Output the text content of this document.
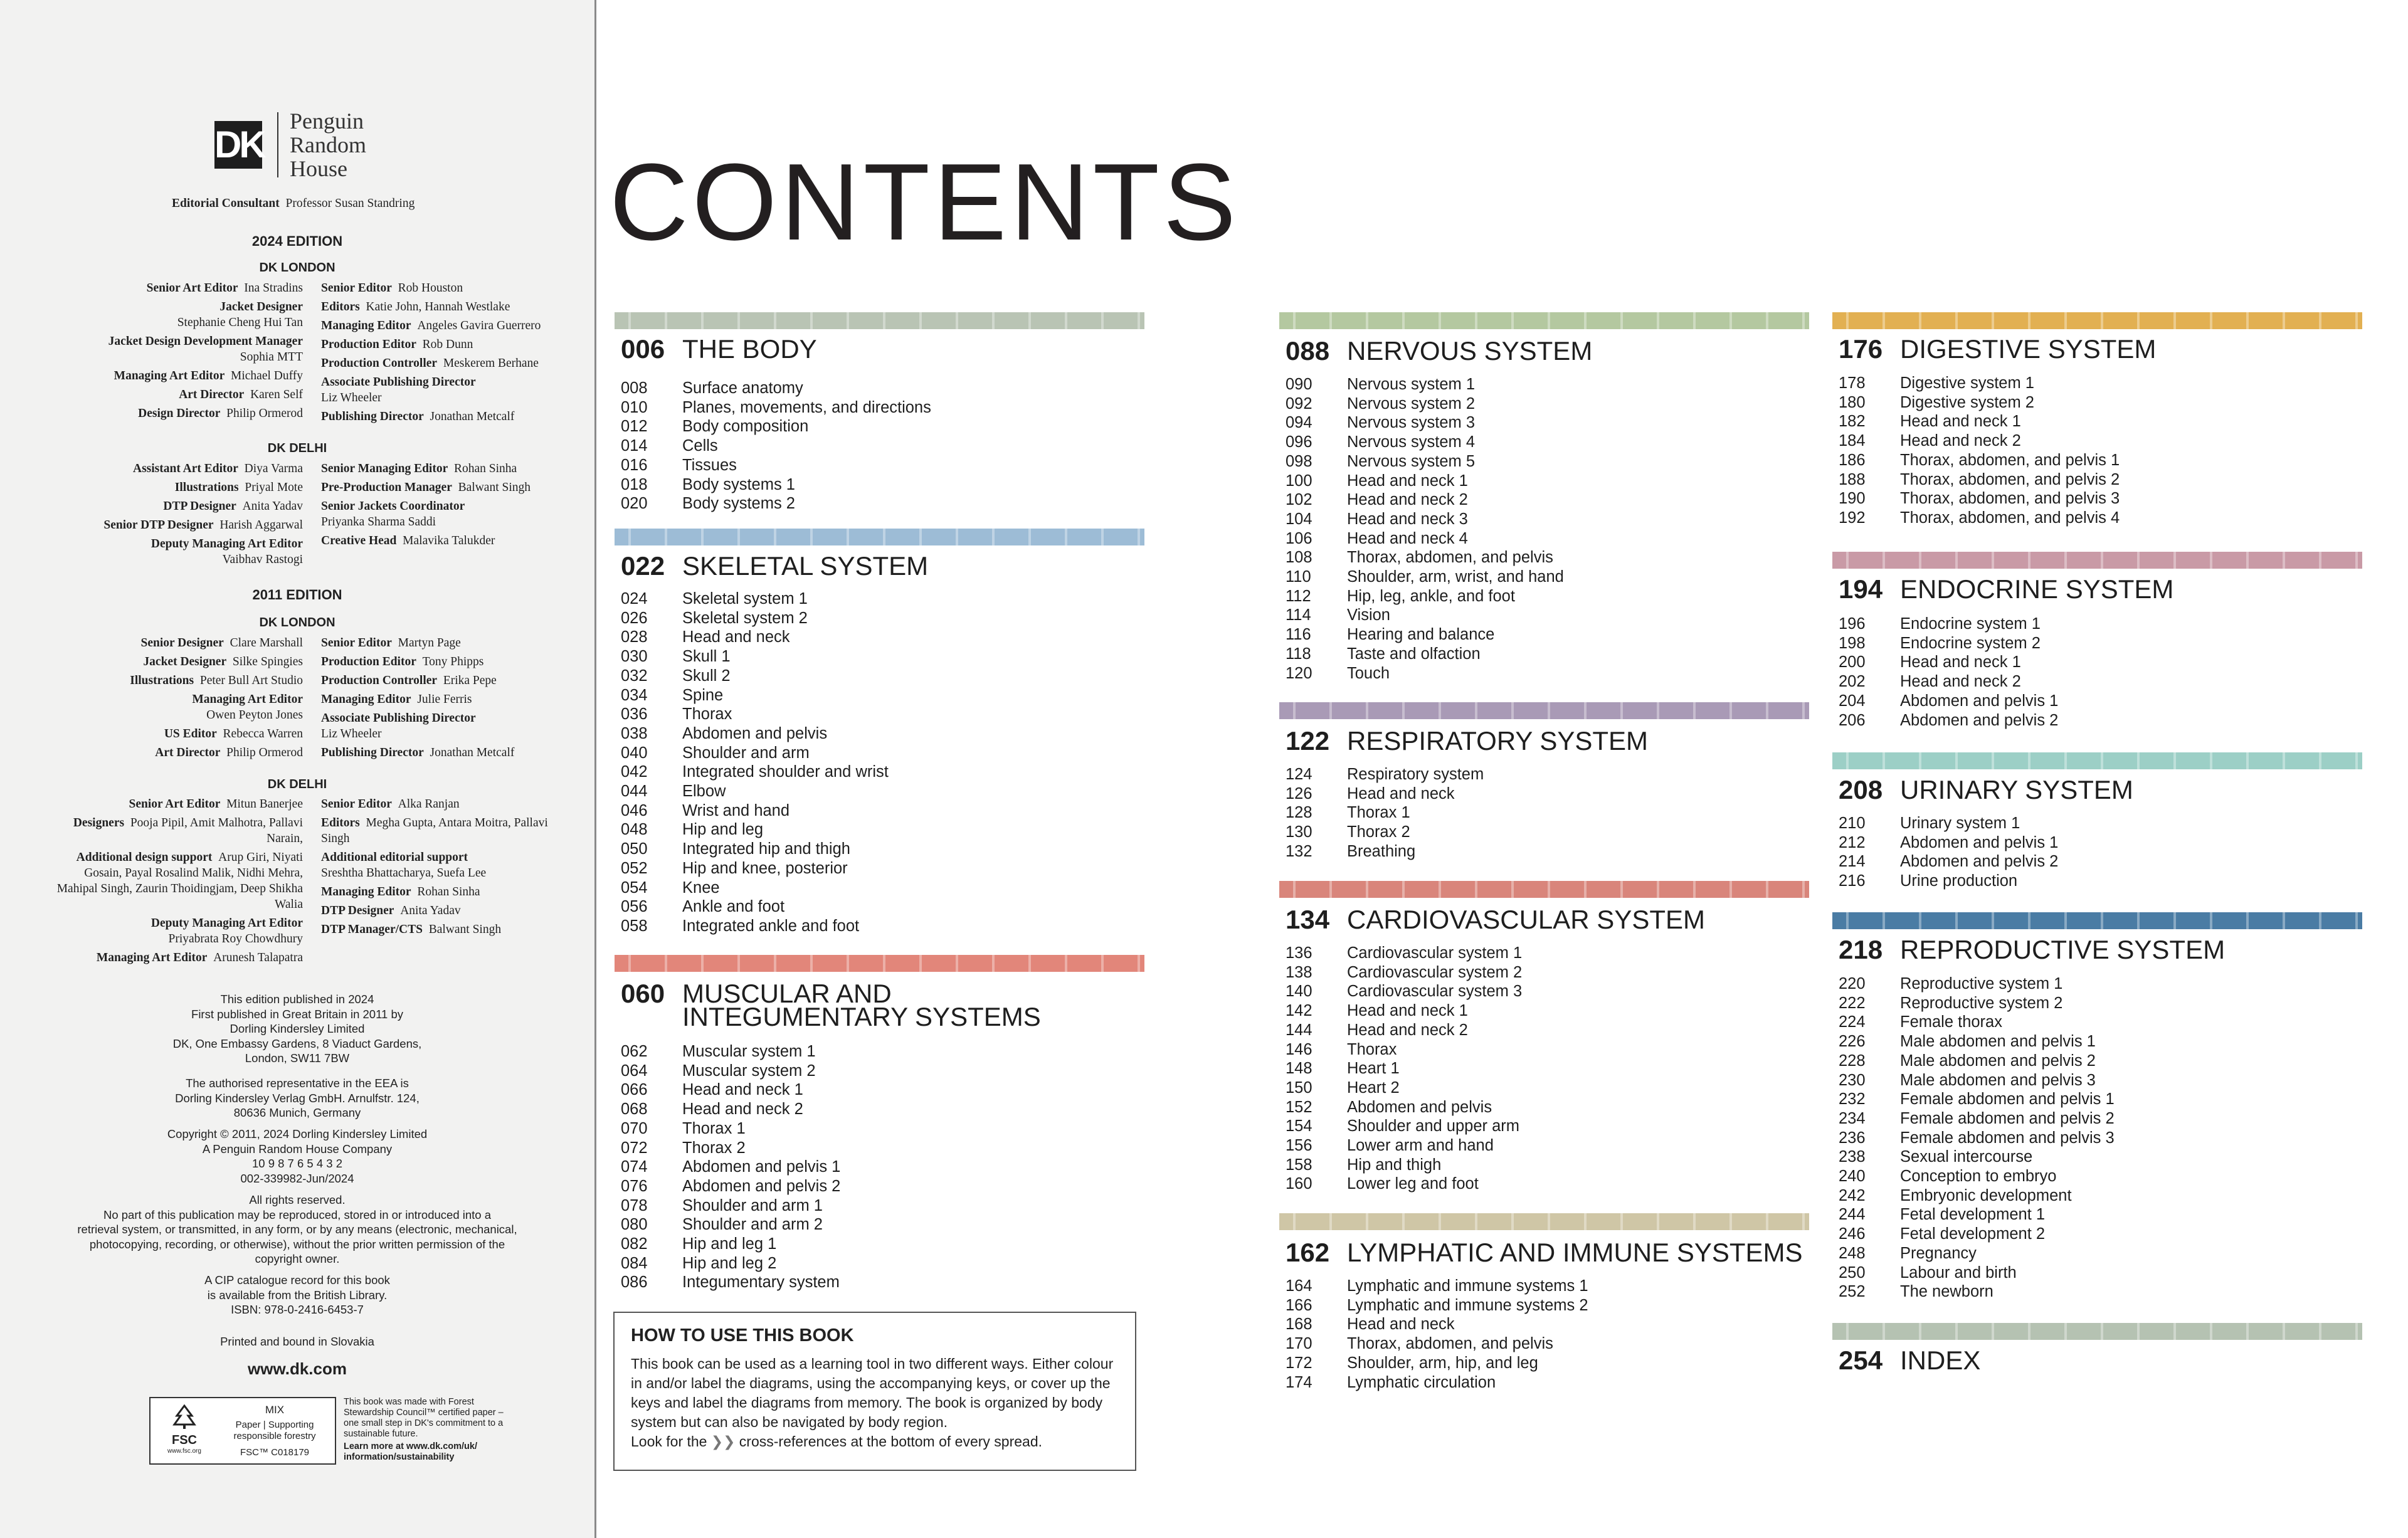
DK
Penguin
Random
House
Editorial Consultant Professor Susan Standring
2024 EDITION
DK LONDON
Senior Art Editor  Ina Stradins
Jacket Designer
Stephanie Cheng Hui Tan
Jacket Design Development Manager
Sophia MTT
Managing Art Editor  Michael Duffy
Art Director  Karen Self
Design Director  Philip Ormerod
Senior Editor  Rob Houston
Editors  Katie John, Hannah Westlake
Managing Editor  Angeles Gavira Guerrero
Production Editor  Rob Dunn
Production Controller  Meskerem Berhane
Associate Publishing Director
Liz Wheeler
Publishing Director  Jonathan Metcalf
DK DELHI
Assistant Art Editor  Diya Varma
Illustrations  Priyal Mote
DTP Designer  Anita Yadav
Senior DTP Designer  Harish Aggarwal
Deputy Managing Art Editor
Vaibhav Rastogi
Senior Managing Editor  Rohan Sinha
Pre-Production Manager  Balwant Singh
Senior Jackets Coordinator
Priyanka Sharma Saddi
Creative Head  Malavika Talukder
2011 EDITION
DK LONDON
Senior Designer  Clare Marshall
Jacket Designer  Silke Spingies
Illustrations  Peter Bull Art Studio
Managing Art Editor
Owen Peyton Jones
US Editor  Rebecca Warren
Art Director  Philip Ormerod
Senior Editor  Martyn Page
Production Editor  Tony Phipps
Production Controller  Erika Pepe
Managing Editor  Julie Ferris
Associate Publishing Director
Liz Wheeler
Publishing Director  Jonathan Metcalf
DK DELHI
Senior Art Editor  Mitun Banerjee
Designers  Pooja Pipil, Amit Malhotra, Pallavi Narain,
Additional design support  Arup Giri, Niyati Gosain, Payal Rosalind Malik, Nidhi Mehra, Mahipal Singh, Zaurin Thoidingjam, Deep Shikha Walia
Deputy Managing Art Editor
Priyabrata Roy Chowdhury
Managing Art Editor  Arunesh Talapatra
Senior Editor  Alka Ranjan
Editors  Megha Gupta, Antara Moitra, Pallavi Singh
Additional editorial support
Sreshtha Bhattacharya, Suefa Lee
Managing Editor  Rohan Sinha
DTP Designer  Anita Yadav
DTP Manager/CTS  Balwant Singh
This edition published in 2024
First published in Great Britain in 2011 by
Dorling Kindersley Limited
DK, One Embassy Gardens, 8 Viaduct Gardens,
London, SW11 7BW
The authorised representative in the EEA is
Dorling Kindersley Verlag GmbH. Arnulfstr. 124,
80636 Munich, Germany
Copyright © 2011, 2024 Dorling Kindersley Limited
A Penguin Random House Company
10 9 8 7 6 5 4 3 2
002-339982-Jun/2024
All rights reserved.
No part of this publication may be reproduced, stored in or introduced into a
retrieval system, or transmitted, in any form, or by any means (electronic, mechanical,
photocopying, recording, or otherwise), without the prior written permission of the
copyright owner.
A CIP catalogue record for this book
is available from the British Library.
ISBN: 978-0-2416-6453-7
Printed and bound in Slovakia
www.dk.com
FSC
www.fsc.org
MIX
Paper | Supporting responsible forestry
FSC™ C018179
This book was made with Forest Stewardship Council™ certified paper – one small step in DK's commitment to a sustainable future.
Learn more at www.dk.com/uk/ information/sustainability
CONTENTS
006 THE BODY
008	Surface anatomy
010	Planes, movements, and directions
012	Body composition
014	Cells
016	Tissues
018	Body systems 1
020	Body systems 2
022 SKELETAL SYSTEM
024	Skeletal system 1
026	Skeletal system 2
028	Head and neck
030	Skull 1
032	Skull 2
034	Spine
036	Thorax
038	Abdomen and pelvis
040	Shoulder and arm
042	Integrated shoulder and wrist
044	Elbow
046	Wrist and hand
048	Hip and leg
050	Integrated hip and thigh
052	Hip and knee, posterior
054	Knee
056	Ankle and foot
058	Integrated ankle and foot
060 MUSCULAR AND
INTEGUMENTARY SYSTEMS
062	Muscular system 1
064	Muscular system 2
066	Head and neck 1
068	Head and neck 2
070	Thorax 1
072	Thorax 2
074	Abdomen and pelvis 1
076	Abdomen and pelvis 2
078	Shoulder and arm 1
080	Shoulder and arm 2
082	Hip and leg 1
084	Hip and leg 2
086	Integumentary system
088 NERVOUS SYSTEM
090	Nervous system 1
092	Nervous system 2
094	Nervous system 3
096	Nervous system 4
098	Nervous system 5
100	Head and neck 1
102	Head and neck 2
104	Head and neck 3
106	Head and neck 4
108	Thorax, abdomen, and pelvis
110	Shoulder, arm, wrist, and hand
112	Hip, leg, ankle, and foot
114	Vision
116	Hearing and balance
118	Taste and olfaction
120	Touch
122 RESPIRATORY SYSTEM
124	Respiratory system
126	Head and neck
128	Thorax 1
130	Thorax 2
132	Breathing
134 CARDIOVASCULAR SYSTEM
136	Cardiovascular system 1
138	Cardiovascular system 2
140	Cardiovascular system 3
142	Head and neck 1
144	Head and neck 2
146	Thorax
148	Heart 1
150	Heart 2
152	Abdomen and pelvis
154	Shoulder and upper arm
156	Lower arm and hand
158	Hip and thigh
160	Lower leg and foot
162 LYMPHATIC AND IMMUNE SYSTEMS
164	Lymphatic and immune systems 1
166	Lymphatic and immune systems 2
168	Head and neck
170	Thorax, abdomen, and pelvis
172	Shoulder, arm, hip, and leg
174	Lymphatic circulation
176 DIGESTIVE SYSTEM
178	Digestive system 1
180	Digestive system 2
182	Head and neck 1
184	Head and neck 2
186	Thorax, abdomen, and pelvis 1
188	Thorax, abdomen, and pelvis 2
190	Thorax, abdomen, and pelvis 3
192	Thorax, abdomen, and pelvis 4
194 ENDOCRINE SYSTEM
196	Endocrine system 1
198	Endocrine system 2
200	Head and neck 1
202	Head and neck 2
204	Abdomen and pelvis 1
206	Abdomen and pelvis 2
208 URINARY SYSTEM
210	Urinary system 1
212	Abdomen and pelvis 1
214	Abdomen and pelvis 2
216	Urine production
218 REPRODUCTIVE SYSTEM
220	Reproductive system 1
222	Reproductive system 2
224	Female thorax
226	Male abdomen and pelvis 1
228	Male abdomen and pelvis 2
230	Male abdomen and pelvis 3
232	Female abdomen and pelvis 1
234	Female abdomen and pelvis 2
236	Female abdomen and pelvis 3
238	Sexual intercourse
240	Conception to embryo
242	Embryonic development
244	Fetal development 1
246	Fetal development 2
248	Pregnancy
250	Labour and birth
252	The newborn
254 INDEX
HOW TO USE THIS BOOK
This book can be used as a learning tool in two different ways. Either colour in and/or label the diagrams, using the accompanying keys, or cover up the keys and label the diagrams from memory. The book is organized by body system but can also be navigated by body region.
Look for the ❯❯ cross-references at the bottom of every spread.
